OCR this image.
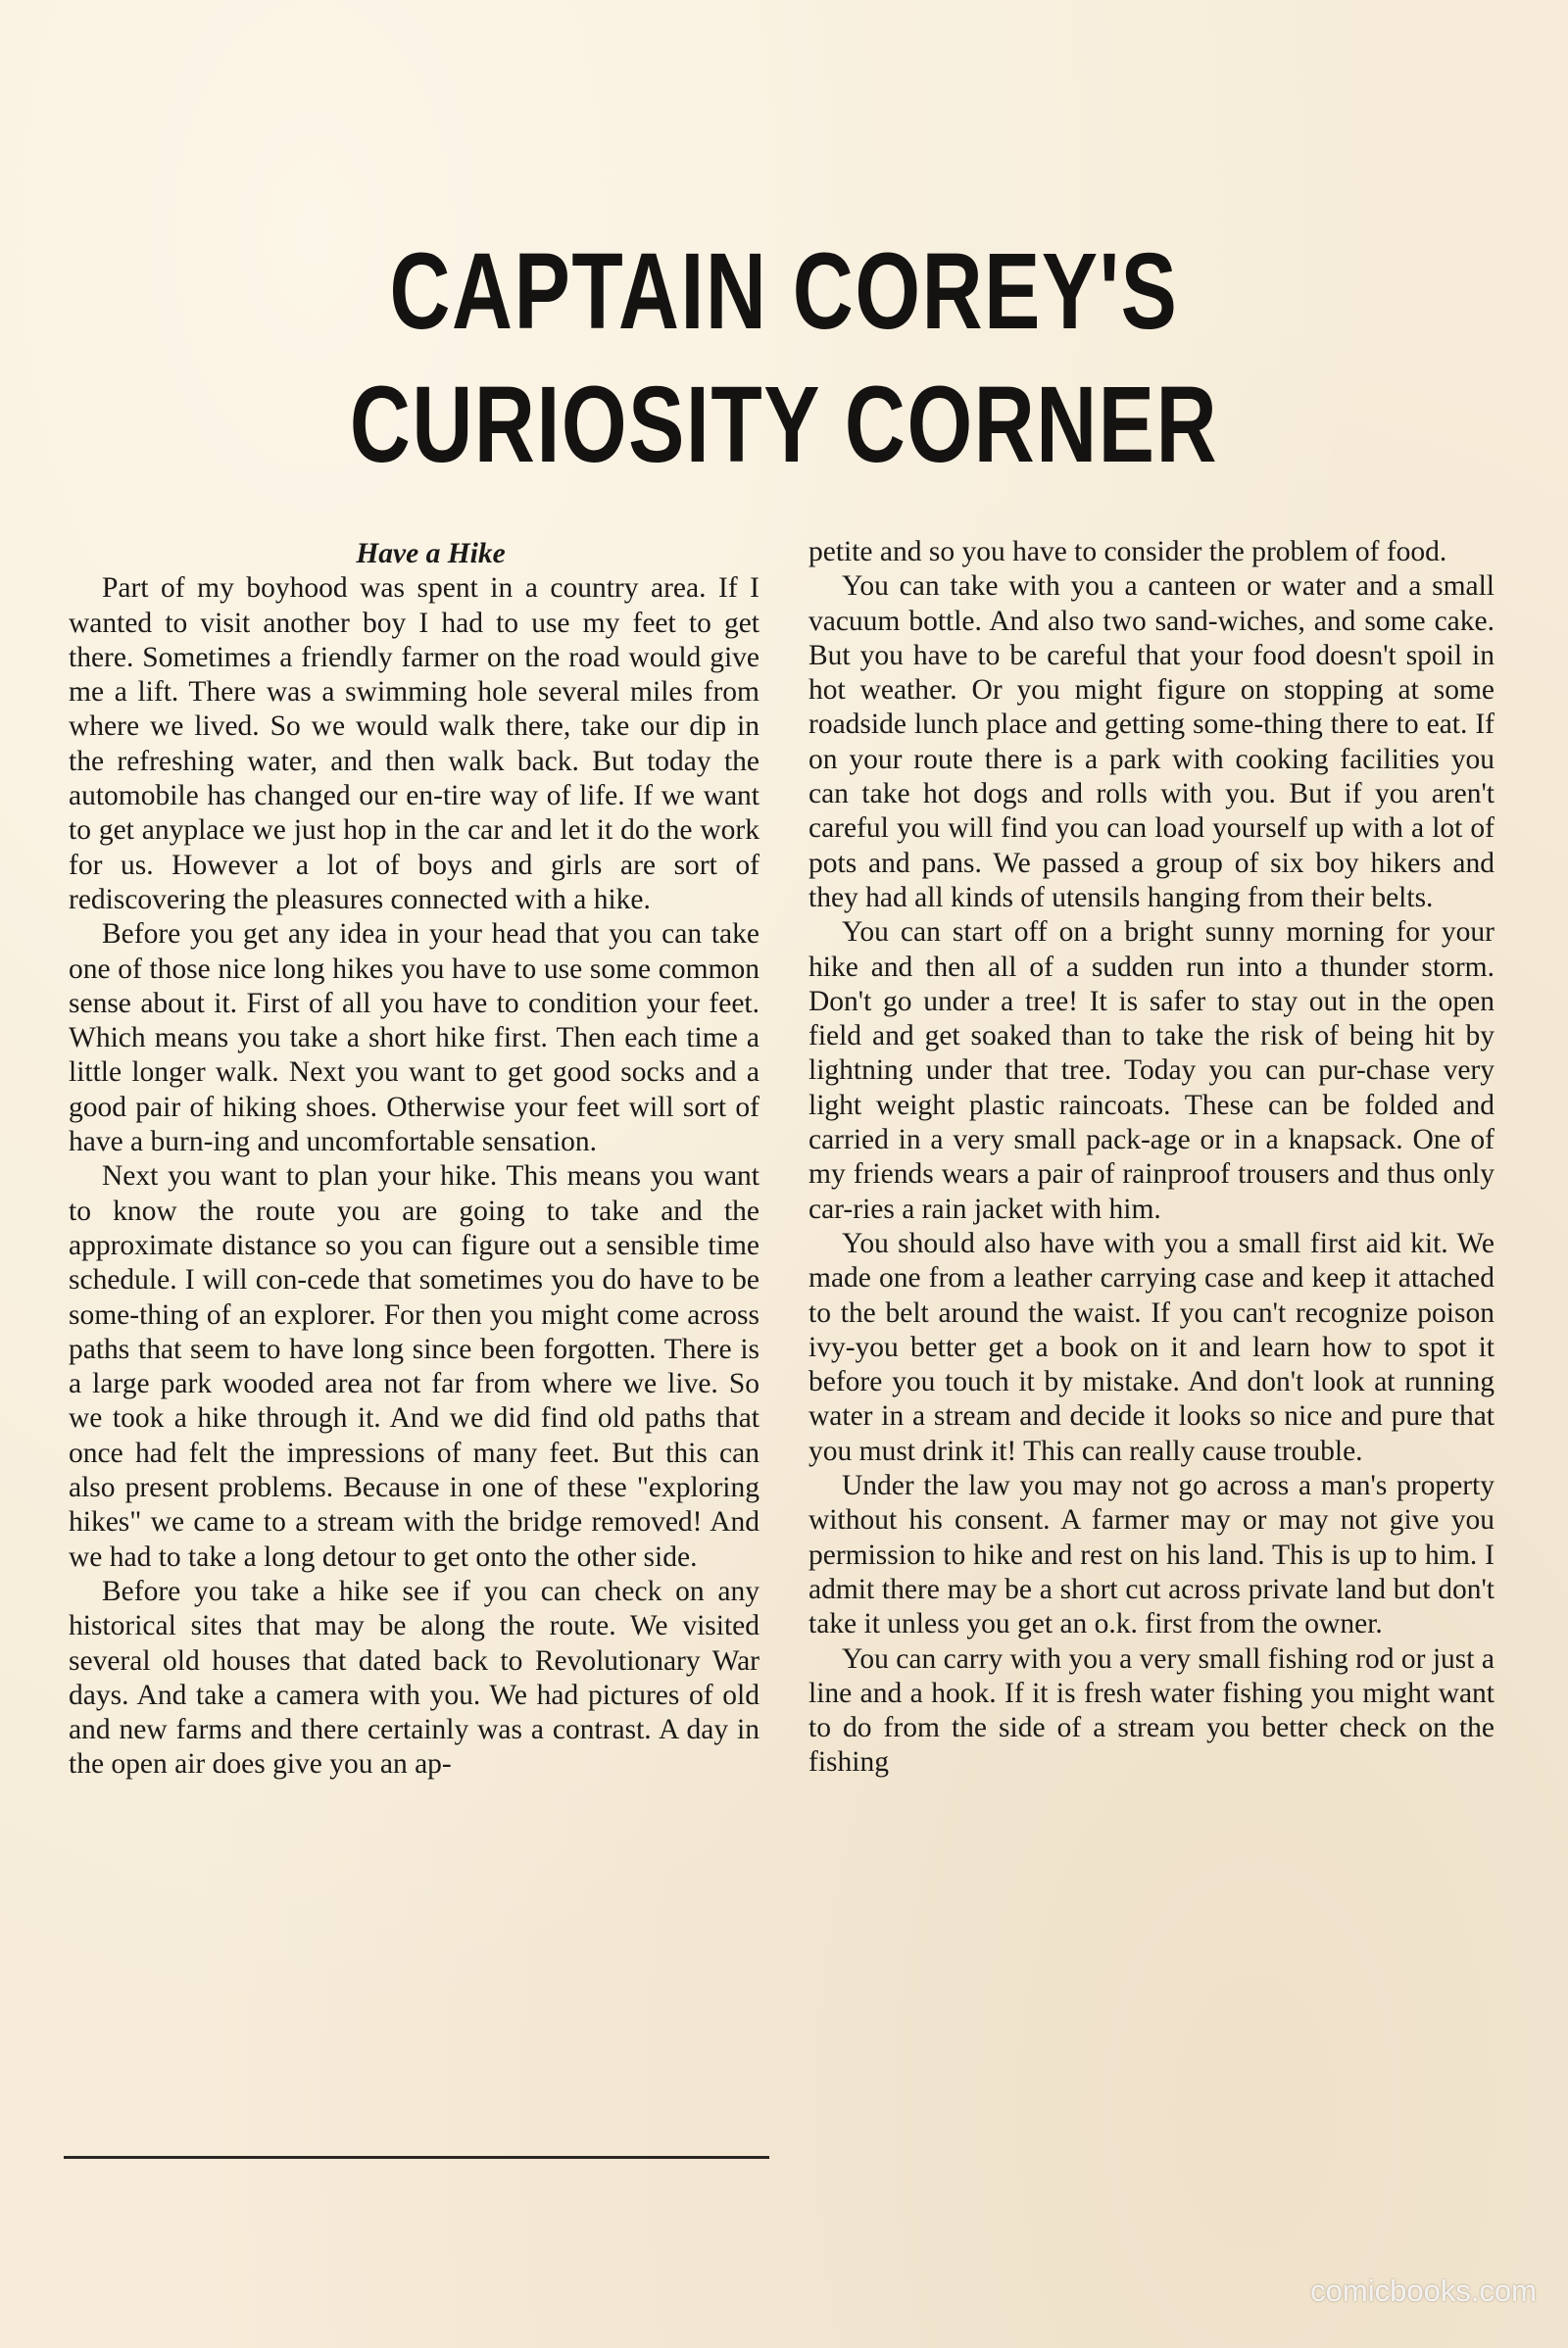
CAPTAIN COREY'S
CURIOSITY CORNER

Have a Hike

Part of my boyhood was spent in a country area. If I wanted to visit another boy I had to use my feet to get there. Sometimes a friendly farmer on the road would give me a lift. There was a swimming hole several miles from where we lived. So we would walk there, take our dip in the refreshing water, and then walk back. But today the automobile has changed our en-tire way of life. If we want to get anyplace we just hop in the car and let it do the work for us. However a lot of boys and girls are sort of rediscovering the pleasures connected with a hike.

Before you get any idea in your head that you can take one of those nice long hikes you have to use some common sense about it. First of all you have to condition your feet. Which means you take a short hike first. Then each time a little longer walk. Next you want to get good socks and a good pair of hiking shoes. Otherwise your feet will sort of have a burn-ing and uncomfortable sensation.

Next you want to plan your hike. This means you want to know the route you are going to take and the approximate distance so you can figure out a sensible time schedule. I will con-cede that sometimes you do have to be some-thing of an explorer. For then you might come across paths that seem to have long since been forgotten. There is a large park wooded area not far from where we live. So we took a hike through it. And we did find old paths that once had felt the impressions of many feet. But this can also present problems. Because in one of these "exploring hikes" we came to a stream with the bridge removed! And we had to take a long detour to get onto the other side.

Before you take a hike see if you can check on any historical sites that may be along the route. We visited several old houses that dated back to Revolutionary War days. And take a camera with you. We had pictures of old and new farms and there certainly was a contrast. A day in the open air does give you an ap-

petite and so you have to consider the problem of food.

You can take with you a canteen or water and a small vacuum bottle. And also two sand-wiches, and some cake. But you have to be careful that your food doesn't spoil in hot weather. Or you might figure on stopping at some roadside lunch place and getting some-thing there to eat. If on your route there is a park with cooking facilities you can take hot dogs and rolls with you. But if you aren't careful you will find you can load yourself up with a lot of pots and pans. We passed a group of six boy hikers and they had all kinds of utensils hanging from their belts.

You can start off on a bright sunny morning for your hike and then all of a sudden run into a thunder storm. Don't go under a tree! It is safer to stay out in the open field and get soaked than to take the risk of being hit by lightning under that tree. Today you can pur-chase very light weight plastic raincoats. These can be folded and carried in a very small pack-age or in a knapsack. One of my friends wears a pair of rainproof trousers and thus only car-ries a rain jacket with him.

You should also have with you a small first aid kit. We made one from a leather carrying case and keep it attached to the belt around the waist. If you can't recognize poison ivy-you better get a book on it and learn how to spot it before you touch it by mistake. And don't look at running water in a stream and decide it looks so nice and pure that you must drink it! This can really cause trouble.

Under the law you may not go across a man's property without his consent. A farmer may or may not give you permission to hike and rest on his land. This is up to him. I admit there may be a short cut across private land but don't take it unless you get an o.k. first from the owner.

You can carry with you a very small fishing rod or just a line and a hook. If it is fresh water fishing you might want to do from the side of a stream you better check on the fishing

comicbooks.com
